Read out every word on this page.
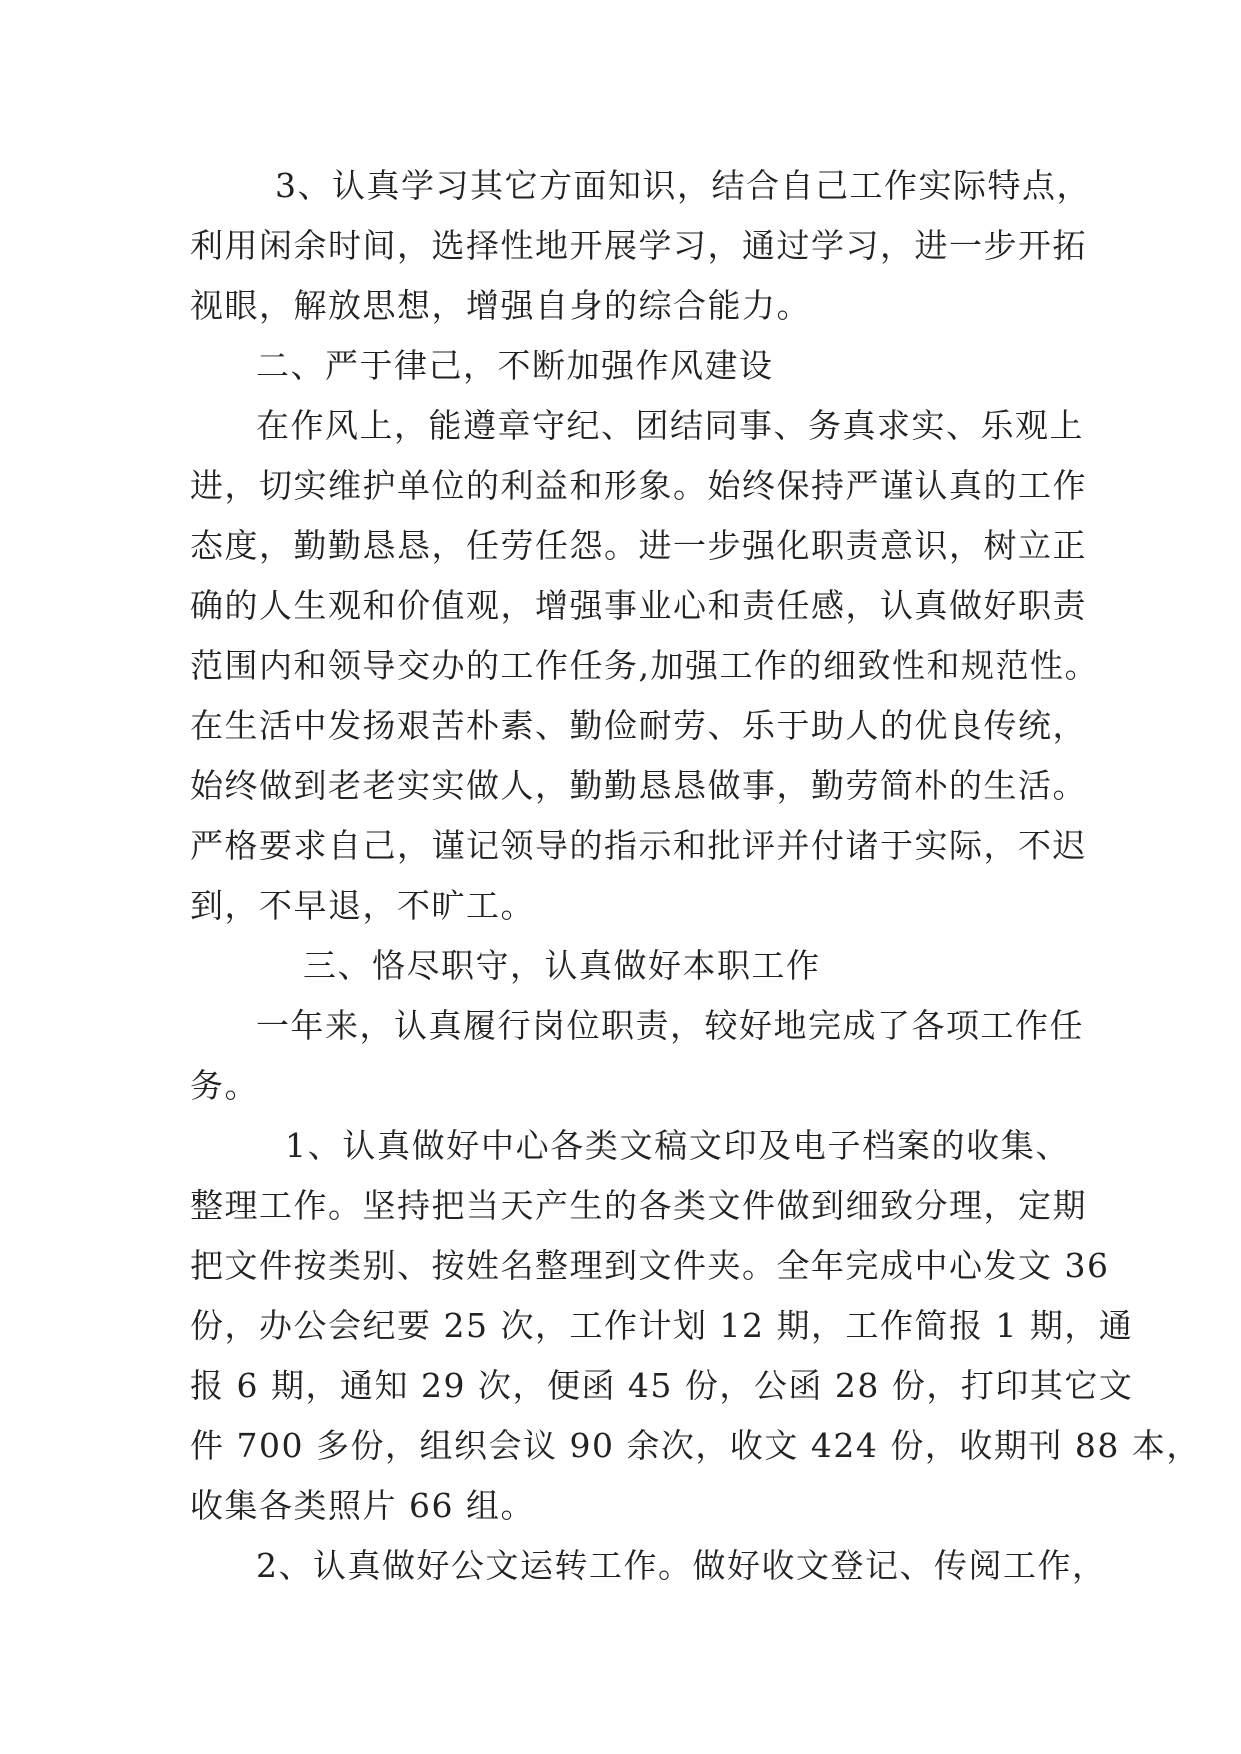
3、认真学习其它方面知识，结合自己工作实际特点，
利用闲余时间，选择性地开展学习，通过学习，进一步开拓
视眼，解放思想，增强自身的综合能力。
二、严于律己，不断加强作风建设
在作风上，能遵章守纪、团结同事、务真求实、乐观上
进，切实维护单位的利益和形象。始终保持严谨认真的工作
态度，勤勤恳恳，任劳任怨。进一步强化职责意识，树立正
确的人生观和价值观，增强事业心和责任感，认真做好职责
范围内和领导交办的工作任务,加强工作的细致性和规范性。
在生活中发扬艰苦朴素、勤俭耐劳、乐于助人的优良传统，
始终做到老老实实做人，勤勤恳恳做事，勤劳简朴的生活。
严格要求自己，谨记领导的指示和批评并付诸于实际，不迟
到，不早退，不旷工。
三、恪尽职守，认真做好本职工作
一年来，认真履行岗位职责，较好地完成了各项工作任
务。
1、认真做好中心各类文稿文印及电子档案的收集、
整理工作。坚持把当天产生的各类文件做到细致分理，定期
把文件按类别、按姓名整理到文件夹。全年完成中心发文 36
份，办公会纪要 25 次，工作计划 12 期，工作简报 1 期，通
报 6 期，通知 29 次，便函 45 份，公函 28 份，打印其它文
件 700 多份，组织会议 90 余次，收文 424 份，收期刊 88 本，
收集各类照片 66 组。
2、认真做好公文运转工作。做好收文登记、传阅工作，
